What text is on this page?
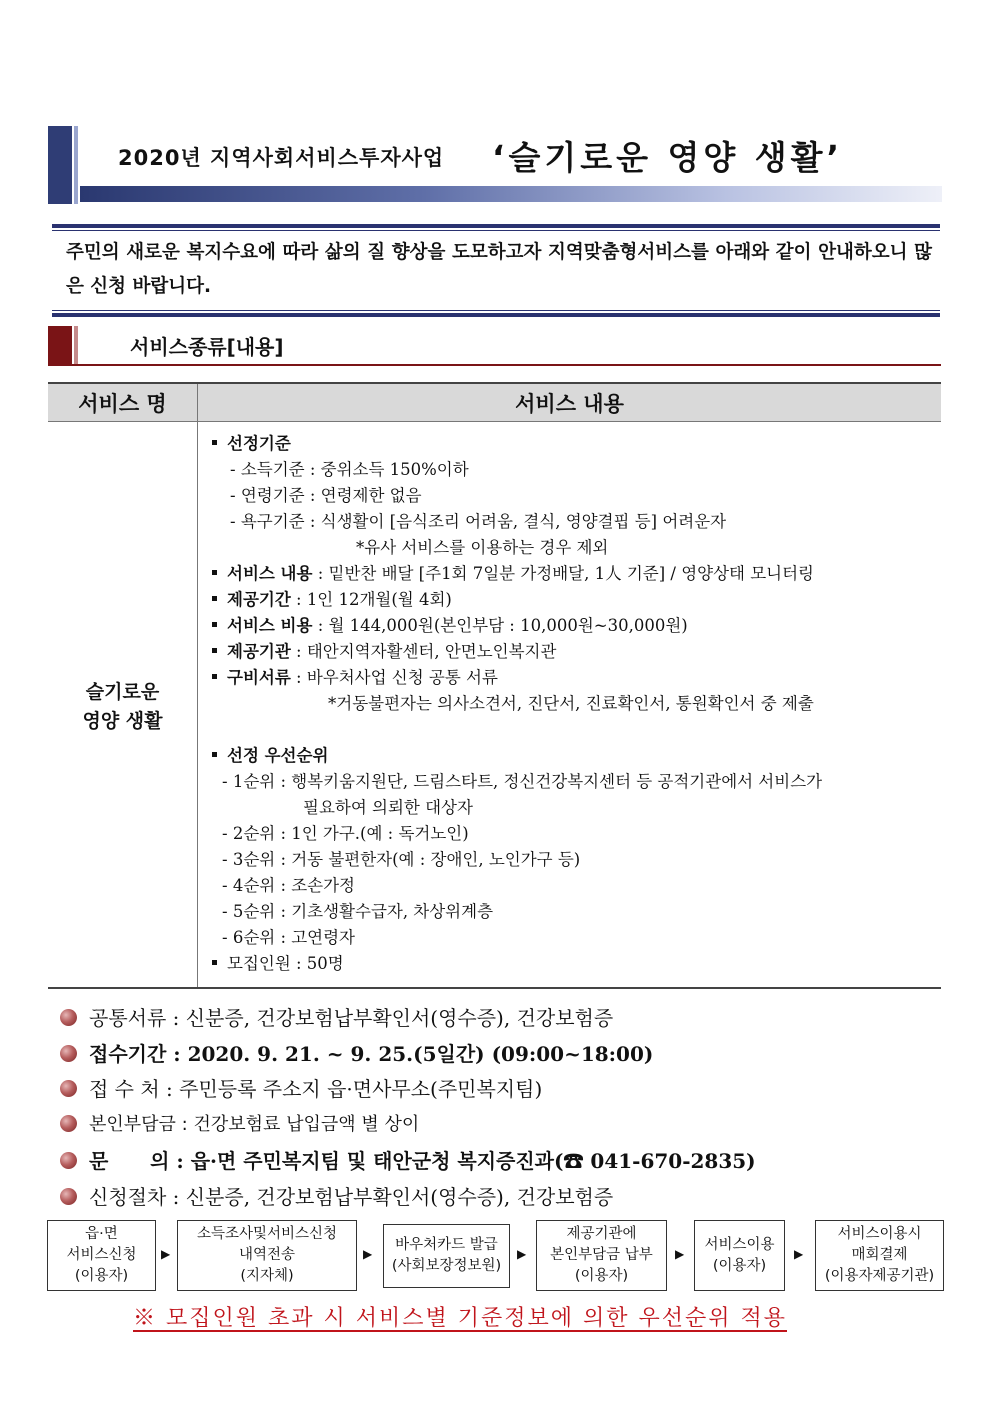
2020년 지역사회서비스투자사업 ‘슬기로운 영양 생활’
주민의 새로운 복지수요에 따라 삶의 질 향상을 도모하고자 지역맞춤형서비스를 아래와 같이 안내하오니 많은 신청 바랍니다.
서비스종류[내용]
서비스 명	서비스 내용
슬기로운
영양 생활
선정기준
- 소득기준 : 중위소득 150%이하
- 연령기준 : 연령제한 없음
- 욕구기준 : 식생활이 [음식조리 어려움, 결식, 영양결핍 등] 어려운자
*유사 서비스를 이용하는 경우 제외
서비스 내용 : 밑반찬 배달 [주1회 7일분 가정배달, 1人 기준] / 영양상태 모니터링
제공기간 : 1인 12개월(월 4회)
서비스 비용 : 월 144,000원(본인부담 : 10,000원~30,000원)
제공기관 : 태안지역자활센터, 안면노인복지관
구비서류 : 바우처사업 신청 공통 서류
*거동불편자는 의사소견서, 진단서, 진료확인서, 통원확인서 중 제출
선정 우선순위
- 1순위 : 행복키움지원단, 드림스타트, 정신건강복지센터 등 공적기관에서 서비스가
필요하여 의뢰한 대상자
- 2순위 : 1인 가구.(예 : 독거노인)
- 3순위 : 거동 불편한자(예 : 장애인, 노인가구 등)
- 4순위 : 조손가정
- 5순위 : 기초생활수급자, 차상위계층
- 6순위 : 고연령자
모집인원 : 50명
공통서류 : 신분증, 건강보험납부확인서(영수증), 건강보험증
접수기간 : 2020. 9. 21. ~ 9. 25.(5일간) (09:00~18:00)
접 수 처 : 주민등록 주소지 읍·면사무소(주민복지팀)
본인부담금 : 건강보험료 납입금액 별 상이
문      의 : 읍·면 주민복지팀 및 태안군청 복지증진과(☎ 041-670-2835)
신청절차 : 신분증, 건강보험납부확인서(영수증), 건강보험증
읍·면
서비스신청
(이용자)
▶
소득조사및서비스신청
내역전송
(지자체)
▶
바우처카드 발급
(사회보장정보원)
▶
제공기관에
본인부담금 납부
(이용자)
▶
서비스이용
(이용자)
▶
서비스이용시
매회결제
(이용자제공기관)
※ 모집인원 초과 시 서비스별 기준정보에 의한 우선순위 적용
